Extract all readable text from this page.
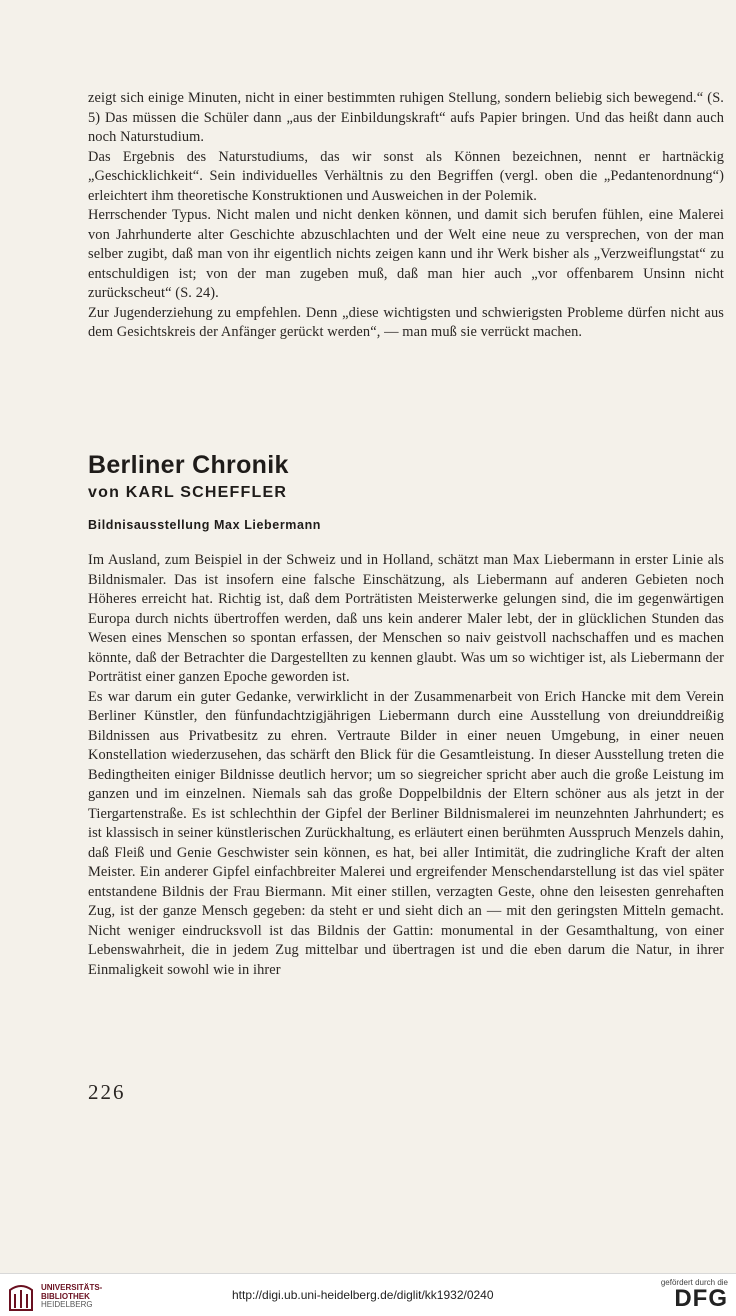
zeigt sich einige Minuten, nicht in einer bestimmten ruhigen Stellung, sondern beliebig sich bewegend.“ (S. 5) Das müssen die Schüler dann „aus der Einbildungskraft“ aufs Papier bringen. Und das heißt dann auch noch Naturstudium.

Das Ergebnis des Naturstudiums, das wir sonst als Können bezeichnen, nennt er hartnäckig „Geschicklichkeit“. Sein individuelles Verhältnis zu den Begriffen (vergl. oben die „Pedantenordnung“) erleichtert ihm theoretische Konstruktionen und Ausweichen in der Polemik.

Herrschender Typus. Nicht malen und nicht denken können, und damit sich berufen fühlen, eine Malerei von Jahrhunderte alter Geschichte abzuschlachten und der Welt eine neue zu versprechen, von der man selber zugibt, daß man von ihr eigentlich nichts zeigen kann und ihr Werk bisher als „Verzweiflungstat“ zu entschuldigen ist; von der man zugeben muß, daß man hier auch „vor offenbarem Unsinn nicht zurückscheut“ (S. 24).

Zur Jugenderziehung zu empfehlen. Denn „diese wichtigsten und schwierigsten Probleme dürfen nicht aus dem Gesichtskreis der Anfänger gerückt werden“, — man muß sie verrückt machen.

Berliner Chronik
von KARL SCHEFFLER
Bildnisausstellung Max Liebermann

Im Ausland, zum Beispiel in der Schweiz und in Holland, schätzt man Max Liebermann in erster Linie als Bildnismaler. Das ist insofern eine falsche Einschätzung, als Liebermann auf anderen Gebieten noch Höheres erreicht hat. Richtig ist, daß dem Porträtisten Meisterwerke gelungen sind, die im gegenwärtigen Europa durch nichts übertroffen werden, daß uns kein anderer Maler lebt, der in glücklichen Stunden das Wesen eines Menschen so spontan erfassen, der Menschen so naiv geistvoll nachschaffen und es machen könnte, daß der Betrachter die Dargestellten zu kennen glaubt. Was um so wichtiger ist, als Liebermann der Porträtist einer ganzen Epoche geworden ist.

Es war darum ein guter Gedanke, verwirklicht in der Zusammenarbeit von Erich Hancke mit dem Verein Berliner Künstler, den fünfundachtzigjährigen Liebermann durch eine Ausstellung von dreiunddreißig Bildnissen aus Privatbesitz zu ehren. Vertraute Bilder in einer neuen Umgebung, in einer neuen Konstellation wiederzusehen, das schärft den Blick für die Gesamtleistung. In dieser Ausstellung treten die Bedingtheiten einiger Bildnisse deutlich hervor; um so siegreicher spricht aber auch die große Leistung im ganzen und im einzelnen. Niemals sah das große Doppelbildnis der Eltern schöner aus als jetzt in der Tiergartenstraße. Es ist schlechthin der Gipfel der Berliner Bildnismalerei im neunzehnten Jahrhundert; es ist klassisch in seiner künstlerischen Zurückhaltung, es erläutert einen berühmten Ausspruch Menzels dahin, daß Fleiß und Genie Geschwister sein können, es hat, bei aller Intimität, die zudringliche Kraft der alten Meister. Ein anderer Gipfel einfachbreiter Malerei und ergreifender Menschendarstellung ist das viel später entstandene Bildnis der Frau Biermann. Mit einer stillen, verzagten Geste, ohne den leisesten genrehaften Zug, ist der ganze Mensch gegeben: da steht er und sieht dich an — mit den geringsten Mitteln gemacht. Nicht weniger eindrucksvoll ist das Bildnis der Gattin: monumental in der Gesamthaltung, von einer Lebenswahrheit, die in jedem Zug mittelbar und übertragen ist und die eben darum die Natur, in ihrer Einmaligkeit sowohl wie in ihrer

226
UNIVERSITÄTS-
BIBLIOTHEK
HEIDELBERG
http://digi.ub.uni-heidelberg.de/diglit/kk1932/0240
gefördert durch die
DFG
